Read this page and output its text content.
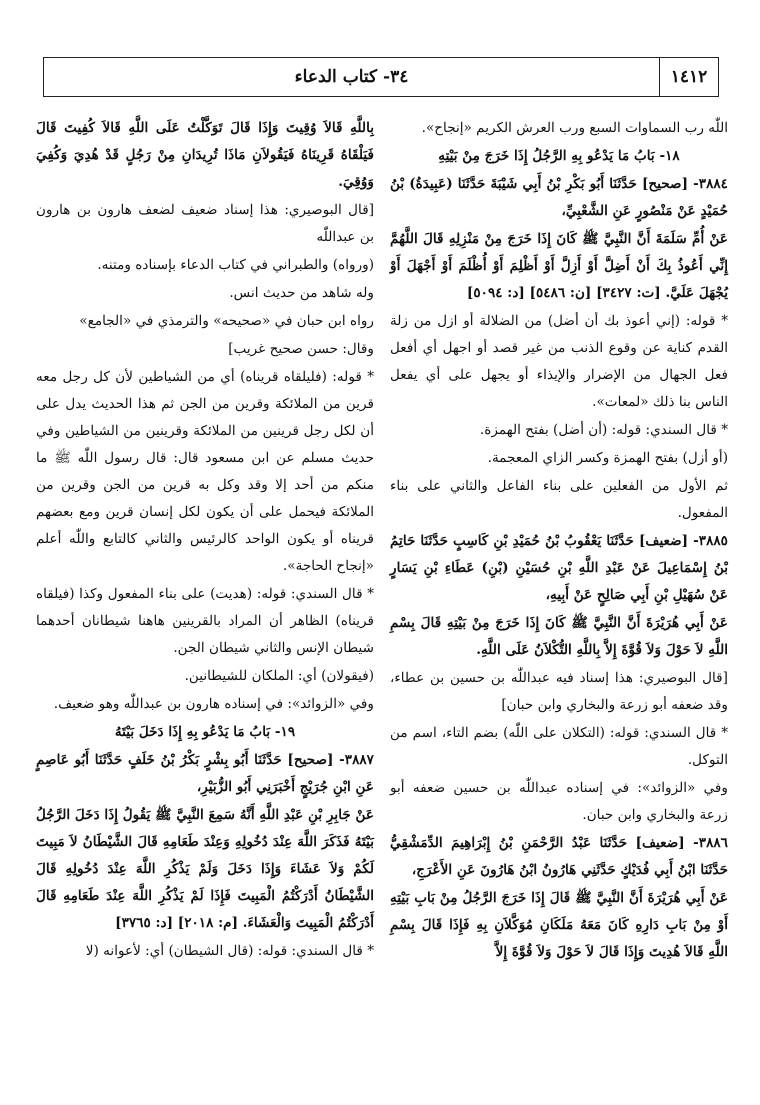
١٤١٢
٣٤- كتاب الدعاء

اللّٰه رب السماوات السبع ورب العرش الكريم «إنجاح».

١٨- بَابُ مَا يَدْعُو بِهِ الرَّجُلُ إِذَا خَرَجَ مِنْ بَيْتِهِ

٣٨٨٤- [صحيح] حَدَّثَنَا أَبُو بَكْرِ بْنُ أَبِي شَيْبَةَ حَدَّثَنَا (عَبِيدَةُ) بْنُ حُمَيْدٍ عَنْ مَنْصُورٍ عَنِ الشَّعْبِيِّ،

عَنْ أُمِّ سَلَمَةَ أَنَّ النَّبِيَّ ﷺ كَانَ إِذَا خَرَجَ مِنْ مَنْزِلِهِ قَالَ اللَّهُمَّ إِنِّي أَعُوذُ بِكَ أَنْ أَضِلَّ أَوْ أَزِلَّ أَوْ أَظْلِمَ أَوْ أُظْلَمَ أَوْ أَجْهَلَ أَوْ يُجْهَلَ عَلَيَّ. [ت: ٣٤٢٧] [ن: ٥٤٨٦] [د: ٥٠٩٤]

* قوله: (إني أعوذ بك أن أضل) من الضلالة أو ازل من زلة القدم كناية عن وقوع الذنب من غير قصد أو اجهل أي أفعل فعل الجهال من الإضرار والإيذاء أو يجهل على أي يفعل الناس بنا ذلك «لمعات».

* قال السندي: قوله: (أن أضل) بفتح الهمزة.

(أو أزل) بفتح الهمزة وكسر الزاي المعجمة.

ثم الأول من الفعلين على بناء الفاعل والثاني على بناء المفعول.

٣٨٨٥- [ضعيف] حَدَّثَنَا يَعْقُوبُ بْنُ حُمَيْدِ بْنِ كَاسِبٍ حَدَّثَنَا حَاتِمُ بْنُ إِسْمَاعِيلَ عَنْ عَبْدِ اللَّهِ بْنِ حُسَيْنِ (بْنِ) عَطَاءِ بْنِ يَسَارٍ عَنْ سُهَيْلِ بْنِ أَبِي صَالِحٍ عَنْ أَبِيهِ،

عَنْ أَبِي هُرَيْرَةَ أَنَّ النَّبِيَّ ﷺ كَانَ إِذَا خَرَجَ مِنْ بَيْتِهِ قَالَ بِسْمِ اللَّهِ لاَ حَوْلَ وَلاَ قُوَّةَ إِلاَّ بِاللَّهِ التُّكْلاَنُ عَلَى اللَّهِ.

[قال البوصيري: هذا إسناد فيه عبداللّٰه بن حسين بن عطاء، وقد ضعفه أبو زرعة والبخاري وابن حبان]

* قال السندي: قوله: (التكلان على اللّٰه) بضم التاء، اسم من التوكل.

وفي «الزوائد»: في إسناده عبداللّٰه بن حسين ضعفه أبو زرعة والبخاري وابن حبان.

٣٨٨٦- [ضعيف] حَدَّثَنَا عَبْدُ الرَّحْمَنِ بْنُ إِبْرَاهِيمَ الدِّمَشْقِيُّ حَدَّثَنَا ابْنُ أَبِي فُدَيْكٍ حَدَّثَنِي هَارُونُ ابْنُ هَارُونَ عَنِ الأَعْرَجِ،

عَنْ أَبِي هُرَيْرَةَ أَنَّ النَّبِيَّ ﷺ قَالَ إِذَا خَرَجَ الرَّجُلُ مِنْ بَابِ بَيْتِهِ أَوْ مِنْ بَابِ دَارِهِ كَانَ مَعَهُ مَلَكَانِ مُوَكَّلاَنِ بِهِ فَإِذَا قَالَ بِسْمِ اللَّهِ قَالاَ هُدِيتَ وَإِذَا قَالَ لاَ حَوْلَ وَلاَ قُوَّةَ إِلاَّ

بِاللَّهِ قَالاَ وُقِيتَ وَإِذَا قَالَ تَوَكَّلْتُ عَلَى اللَّهِ قَالاَ كُفِيتَ قَالَ فَيَلْقَاهُ قَرِينَاهُ فَيَقُولاَنِ مَاذَا تُرِيدَانِ مِنْ رَجُلٍ قَدْ هُدِيَ وَكُفِيَ وَوُقِيَ.

[قال البوصيري: هذا إسناد ضعيف لضعف هارون بن هارون بن عبداللّٰه

(ورواه) والطبراني في كتاب الدعاء بإسناده ومتنه.

وله شاهد من حديث انس.

رواه ابن حبان في «صحيحه» والترمذي في «الجامع»

وقال: حسن صحيح غريب]

* قوله: (فليلقاه قريناه) أي من الشياطين لأن كل رجل معه قرين من الملائكة وقرين من الجن ثم هذا الحديث يدل على أن لكل رجل قرينين من الملائكة وقرينين من الشياطين وفي حديث مسلم عن ابن مسعود قال: قال رسول اللّٰه ﷺ ما منكم من أحد إلا وقد وكل به قرين من الجن وقرين من الملائكة فيحمل على أن يكون لكل إنسان قرين ومع بعضهم قريناه أو يكون الواحد كالرئيس والثاني كالتابع واللّٰه أعلم «إنجاح الحاجة».

* قال السندي: قوله: (هديت) على بناء المفعول وكذا (فيلقاه قريناه) الظاهر أن المراد بالقرينين هاهنا شيطانان أحدهما شيطان الإنس والثاني شيطان الجن.

(فيقولان) أي: الملكان للشيطانين.

وفي «الزوائد»: في إسناده هارون بن عبداللّٰه وهو ضعيف.

١٩- بَابُ مَا يَدْعُو بِهِ إِذَا دَخَلَ بَيْتَهُ

٣٨٨٧- [صحيح] حَدَّثَنَا أَبُو بِشْرٍ بَكْرُ بْنُ خَلَفٍ حَدَّثَنَا أَبُو عَاصِمٍ عَنِ ابْنِ جُرَيْجٍ أَخْبَرَنِي أَبُو الزُّبَيْرِ،

عَنْ جَابِرِ بْنِ عَبْدِ اللَّهِ أَنَّهُ سَمِعَ النَّبِيَّ ﷺ يَقُولُ إِذَا دَخَلَ الرَّجُلُ بَيْتَهُ فَذَكَرَ اللَّهَ عِنْدَ دُخُولِهِ وَعِنْدَ طَعَامِهِ قَالَ الشَّيْطَانُ لاَ مَبِيتَ لَكُمْ وَلاَ عَشَاءَ وَإِذَا دَخَلَ وَلَمْ يَذْكُرِ اللَّهَ عِنْدَ دُخُولِهِ قَالَ الشَّيْطَانُ أَدْرَكْتُمُ الْمَبِيتَ فَإِذَا لَمْ يَذْكُرِ اللَّهَ عِنْدَ طَعَامِهِ قَالَ أَدْرَكْتُمُ الْمَبِيتَ وَالْعَشَاءَ. [م: ٢٠١٨] [د: ٣٧٦٥]

* قال السندي: قوله: (قال الشيطان) أي: لأعوانه (لا
